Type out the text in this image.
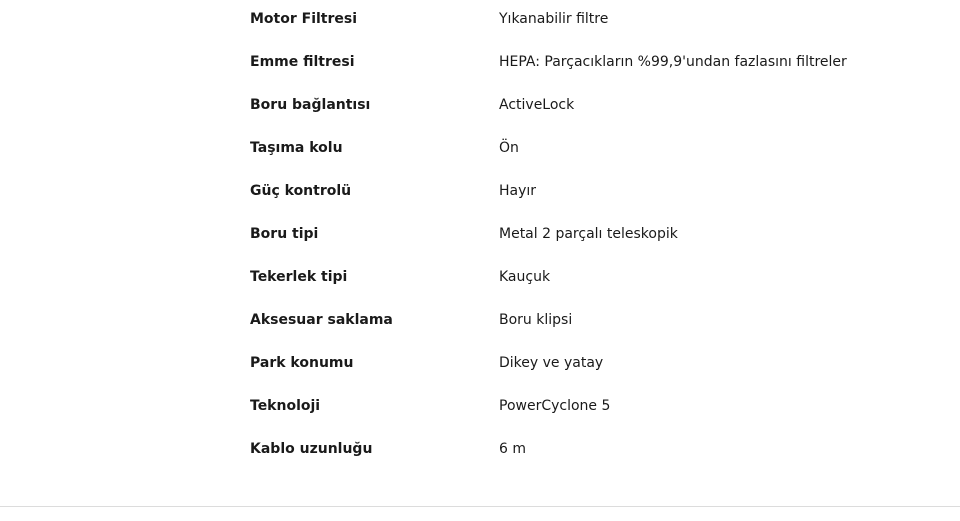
Motor Filtresi	Yıkanabilir filtre
Emme filtresi	HEPA: Parçacıkların %99,9'undan fazlasını filtreler
Boru bağlantısı	ActiveLock
Taşıma kolu	Ön
Güç kontrolü	Hayır
Boru tipi	Metal 2 parçalı teleskopik
Tekerlek tipi	Kauçuk
Aksesuar saklama	Boru klipsi
Park konumu	Dikey ve yatay
Teknoloji	PowerCyclone 5
Kablo uzunluğu	6 m
